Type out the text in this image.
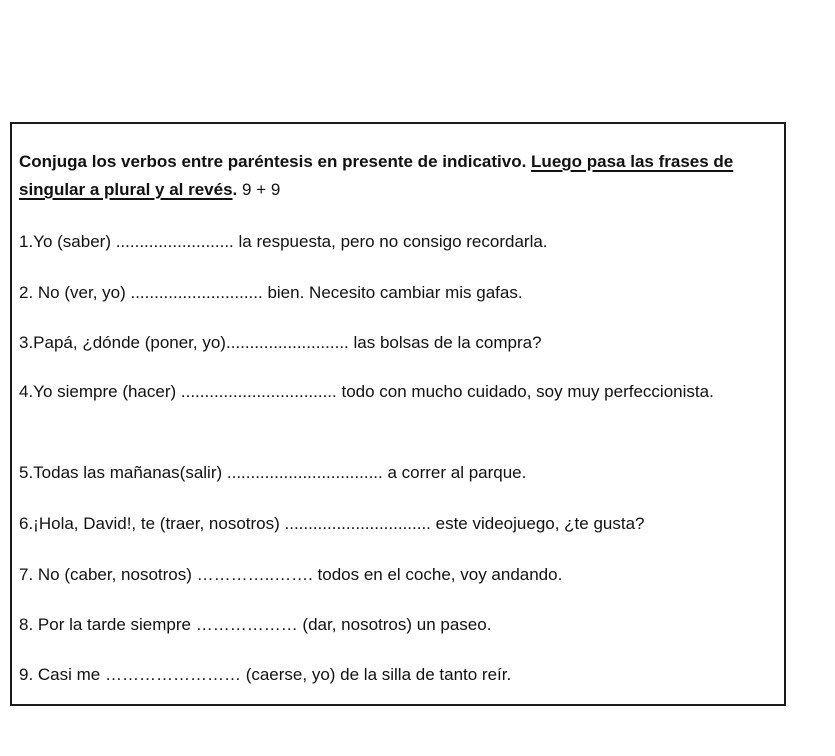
Conjuga los verbos entre paréntesis en presente de indicativo. Luego pasa las frases de singular a plural y al revés. 9 + 9
1.Yo (saber) ......................... la respuesta, pero no consigo recordarla.
2. No (ver, yo) ............................ bien. Necesito cambiar mis gafas.
3.Papá, ¿dónde (poner, yo).......................... las bolsas de la compra?
4.Yo siempre (hacer) ................................. todo con mucho cuidado, soy muy perfeccionista.
5.Todas las mañanas(salir) ................................. a correr al parque.
6.¡Hola, David!, te (traer, nosotros) ............................... este videojuego, ¿te gusta?
7. No (caber, nosotros) …………..……. todos en el coche, voy andando.
8. Por la tarde siempre ……………… (dar, nosotros) un paseo.
9. Casi me …………………… (caerse, yo) de la silla de tanto reír.
